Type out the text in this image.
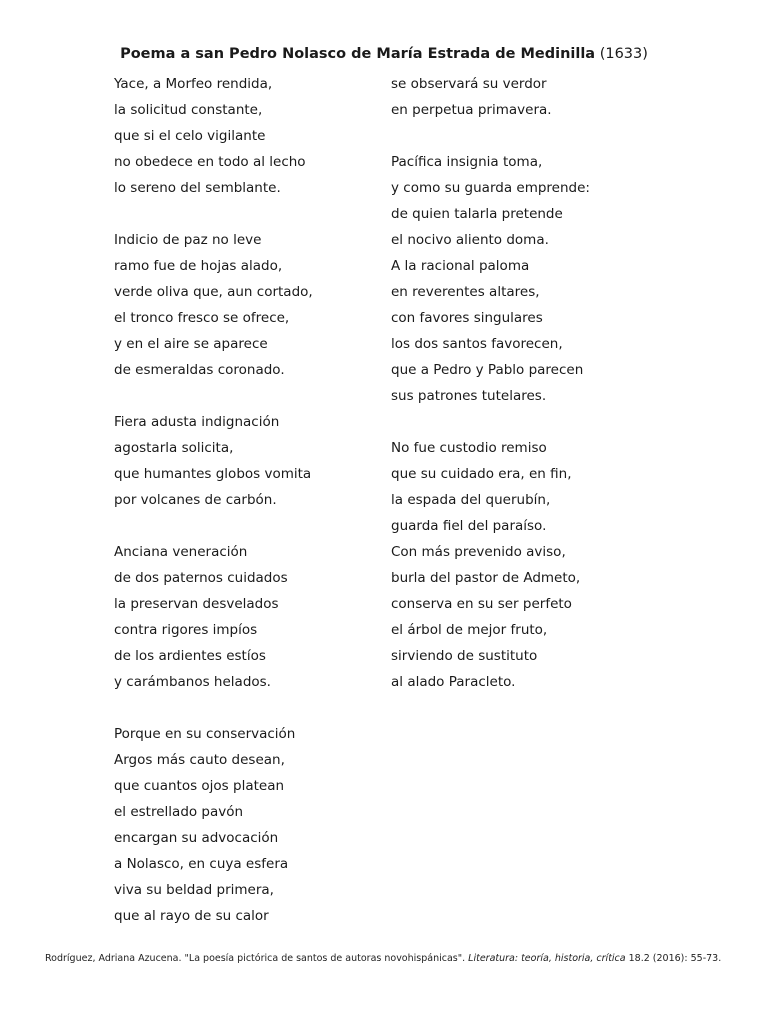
Poema a san Pedro Nolasco de María Estrada de Medinilla (1633)
Yace, a Morfeo rendida,
la solicitud constante,
que si el celo vigilante
no obedece en todo al lecho
lo sereno del semblante.
Indicio de paz no leve
ramo fue de hojas alado,
verde oliva que, aun cortado,
el tronco fresco se ofrece,
y en el aire se aparece
de esmeraldas coronado.
Fiera adusta indignación
agostarla solicita,
que humantes globos vomita
por volcanes de carbón.
Anciana veneración
de dos paternos cuidados
la preservan desvelados
contra rigores impíos
de los ardientes estíos
y carámbanos helados.
Porque en su conservación
Argos más cauto desean,
que cuantos ojos platean
el estrellado pavón
encargan su advocación
a Nolasco, en cuya esfera
viva su beldad primera,
que al rayo de su calor
se observará su verdor
en perpetua primavera.
Pacífica insignia toma,
y como su guarda emprende:
de quien talarla pretende
el nocivo aliento doma.
A la racional paloma
en reverentes altares,
con favores singulares
los dos santos favorecen,
que a Pedro y Pablo parecen
sus patrones tutelares.
No fue custodio remiso
que su cuidado era, en fin,
la espada del querubín,
guarda fiel del paraíso.
Con más prevenido aviso,
burla del pastor de Admeto,
conserva en su ser perfeto
el árbol de mejor fruto,
sirviendo de sustituto
al alado Paracleto.
Rodríguez, Adriana Azucena. "La poesía pictórica de santos de autoras novohispánicas". Literatura: teoría, historia, crítica 18.2 (2016): 55-73.
